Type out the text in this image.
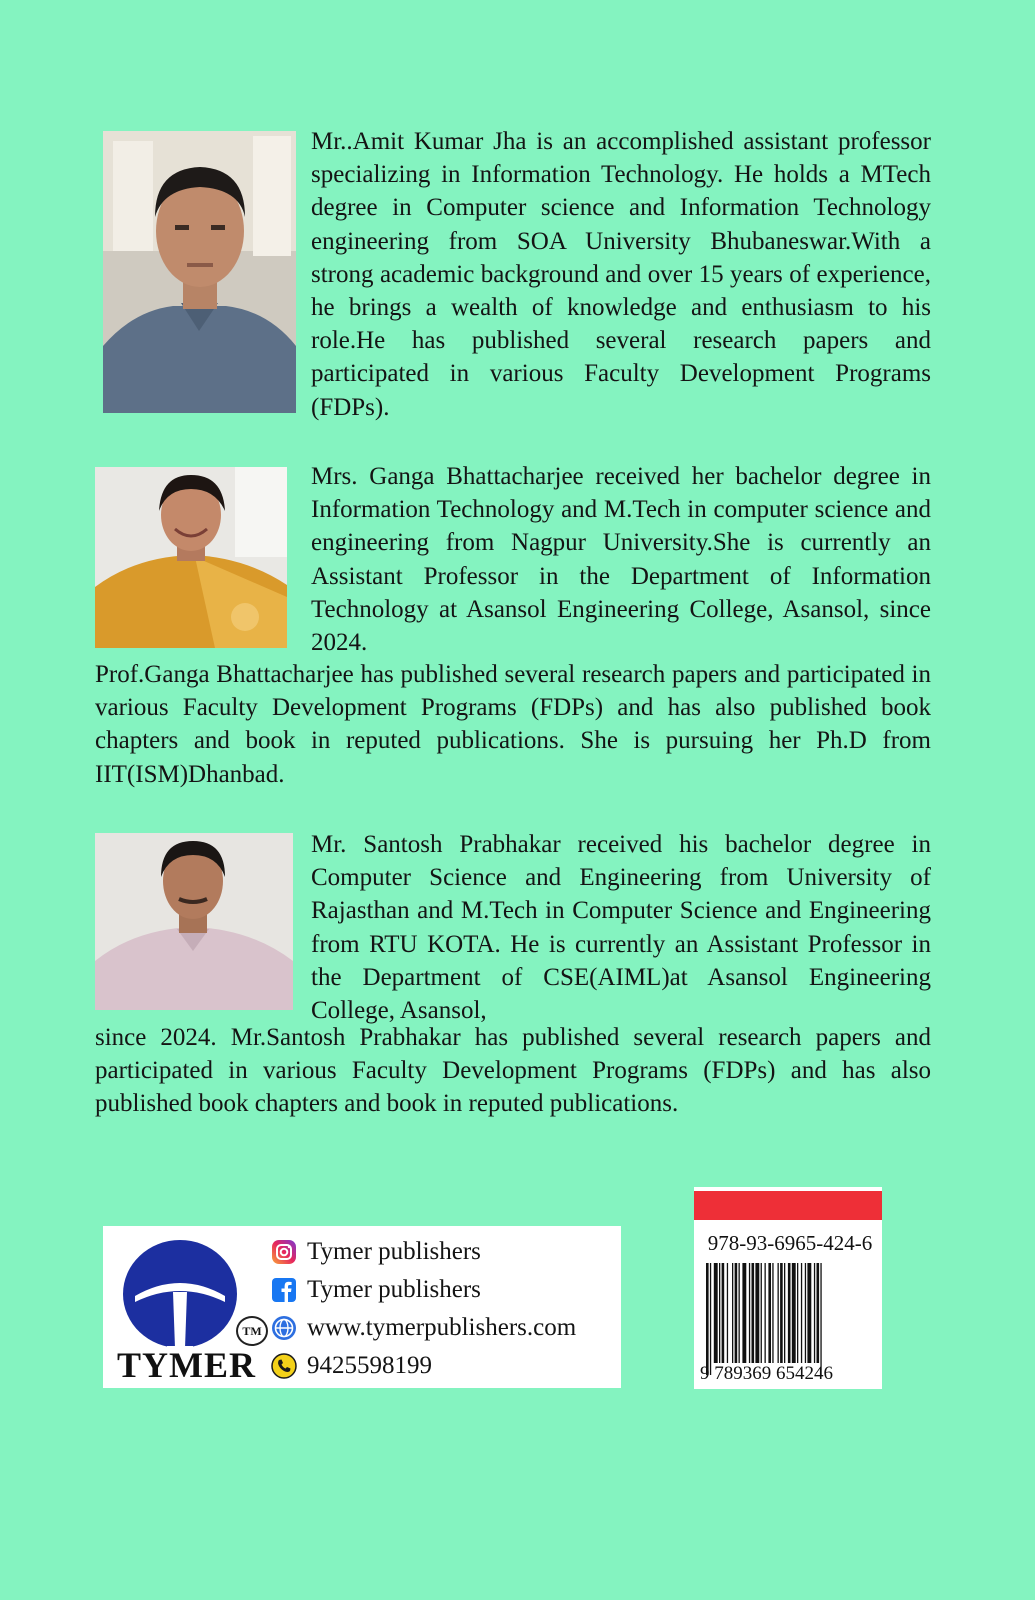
Mr..Amit Kumar Jha is an accomplished assistant professor specializing in Information Technology. He holds a MTech degree in Computer science and Information Technology engineering from SOA University Bhubaneswar.With a strong academic background and over 15 years of experience, he brings a wealth of knowledge and enthusiasm to his role.He has published several research papers and participated in various Faculty Development Programs (FDPs).

Mrs. Ganga Bhattacharjee received her bachelor degree in Information Technology and M.Tech in computer science and engineering from Nagpur University.She is currently an Assistant Professor in the Department of Information Technology at Asansol Engineering College, Asansol, since 2024.

Prof.Ganga Bhattacharjee has published several research papers and participated in various Faculty Development Programs (FDPs) and has also published book chapters and book in reputed publications. She is pursuing her Ph.D from IIT(ISM)Dhanbad.

Mr. Santosh Prabhakar received his bachelor degree in Computer Science and Engineering from University of Rajasthan and M.Tech in Computer Science and Engineering from RTU KOTA. He is currently an Assistant Professor in the Department of CSE(AIML)at Asansol Engineering College, Asansol,

since 2024. Mr.Santosh Prabhakar has published several research papers and participated in various Faculty Development Programs (FDPs) and has also published book chapters and book in reputed publications.

TM
TYMER
Tymer publishers
Tymer publishers
www.tymerpublishers.com
9425598199
978-93-6965-424-6
9 789369 654246
